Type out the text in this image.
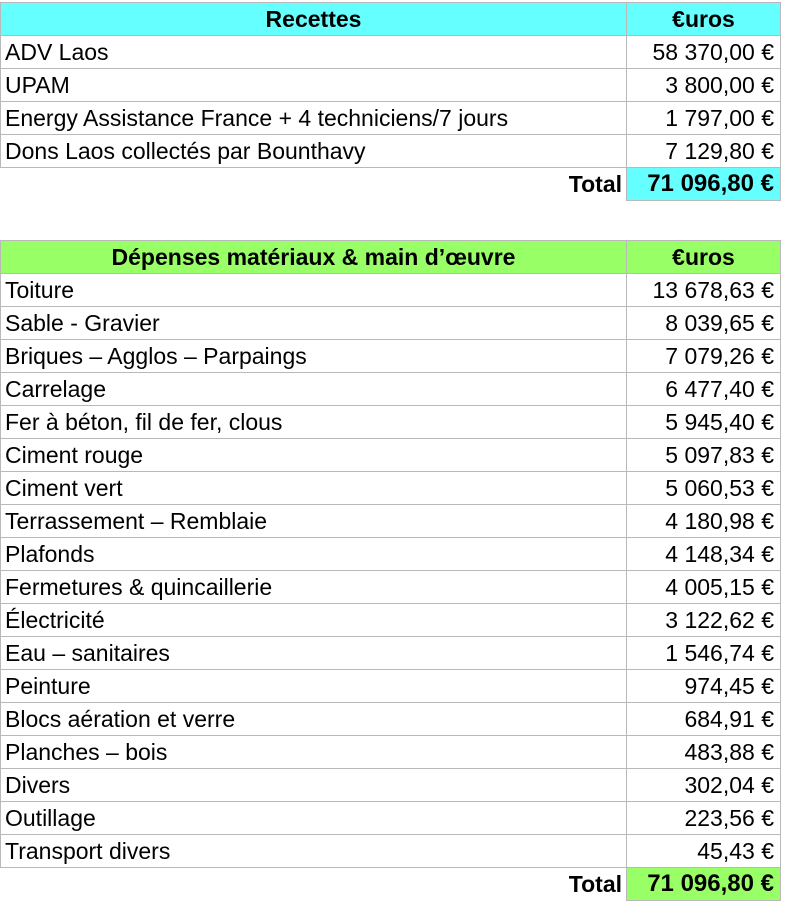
Recettes	€uros
ADV Laos	58 370,00 €
UPAM	3 800,00 €
Energy Assistance France + 4 techniciens/7 jours	1 797,00 €
Dons Laos collectés par Bounthavy	7 129,80 €
Total	71 096,80 €
Dépenses matériaux & main d’œuvre	€uros
Toiture	13 678,63 €
Sable - Gravier	8 039,65 €
Briques – Agglos – Parpaings	7 079,26 €
Carrelage	6 477,40 €
Fer à béton, fil de fer, clous	5 945,40 €
Ciment rouge	5 097,83 €
Ciment vert	5 060,53 €
Terrassement – Remblaie	4 180,98 €
Plafonds	4 148,34 €
Fermetures & quincaillerie	4 005,15 €
Électricité	3 122,62 €
Eau – sanitaires	1 546,74 €
Peinture	974,45 €
Blocs aération et verre	684,91 €
Planches – bois	483,88 €
Divers	302,04 €
Outillage	223,56 €
Transport divers	45,43 €
Total	71 096,80 €
